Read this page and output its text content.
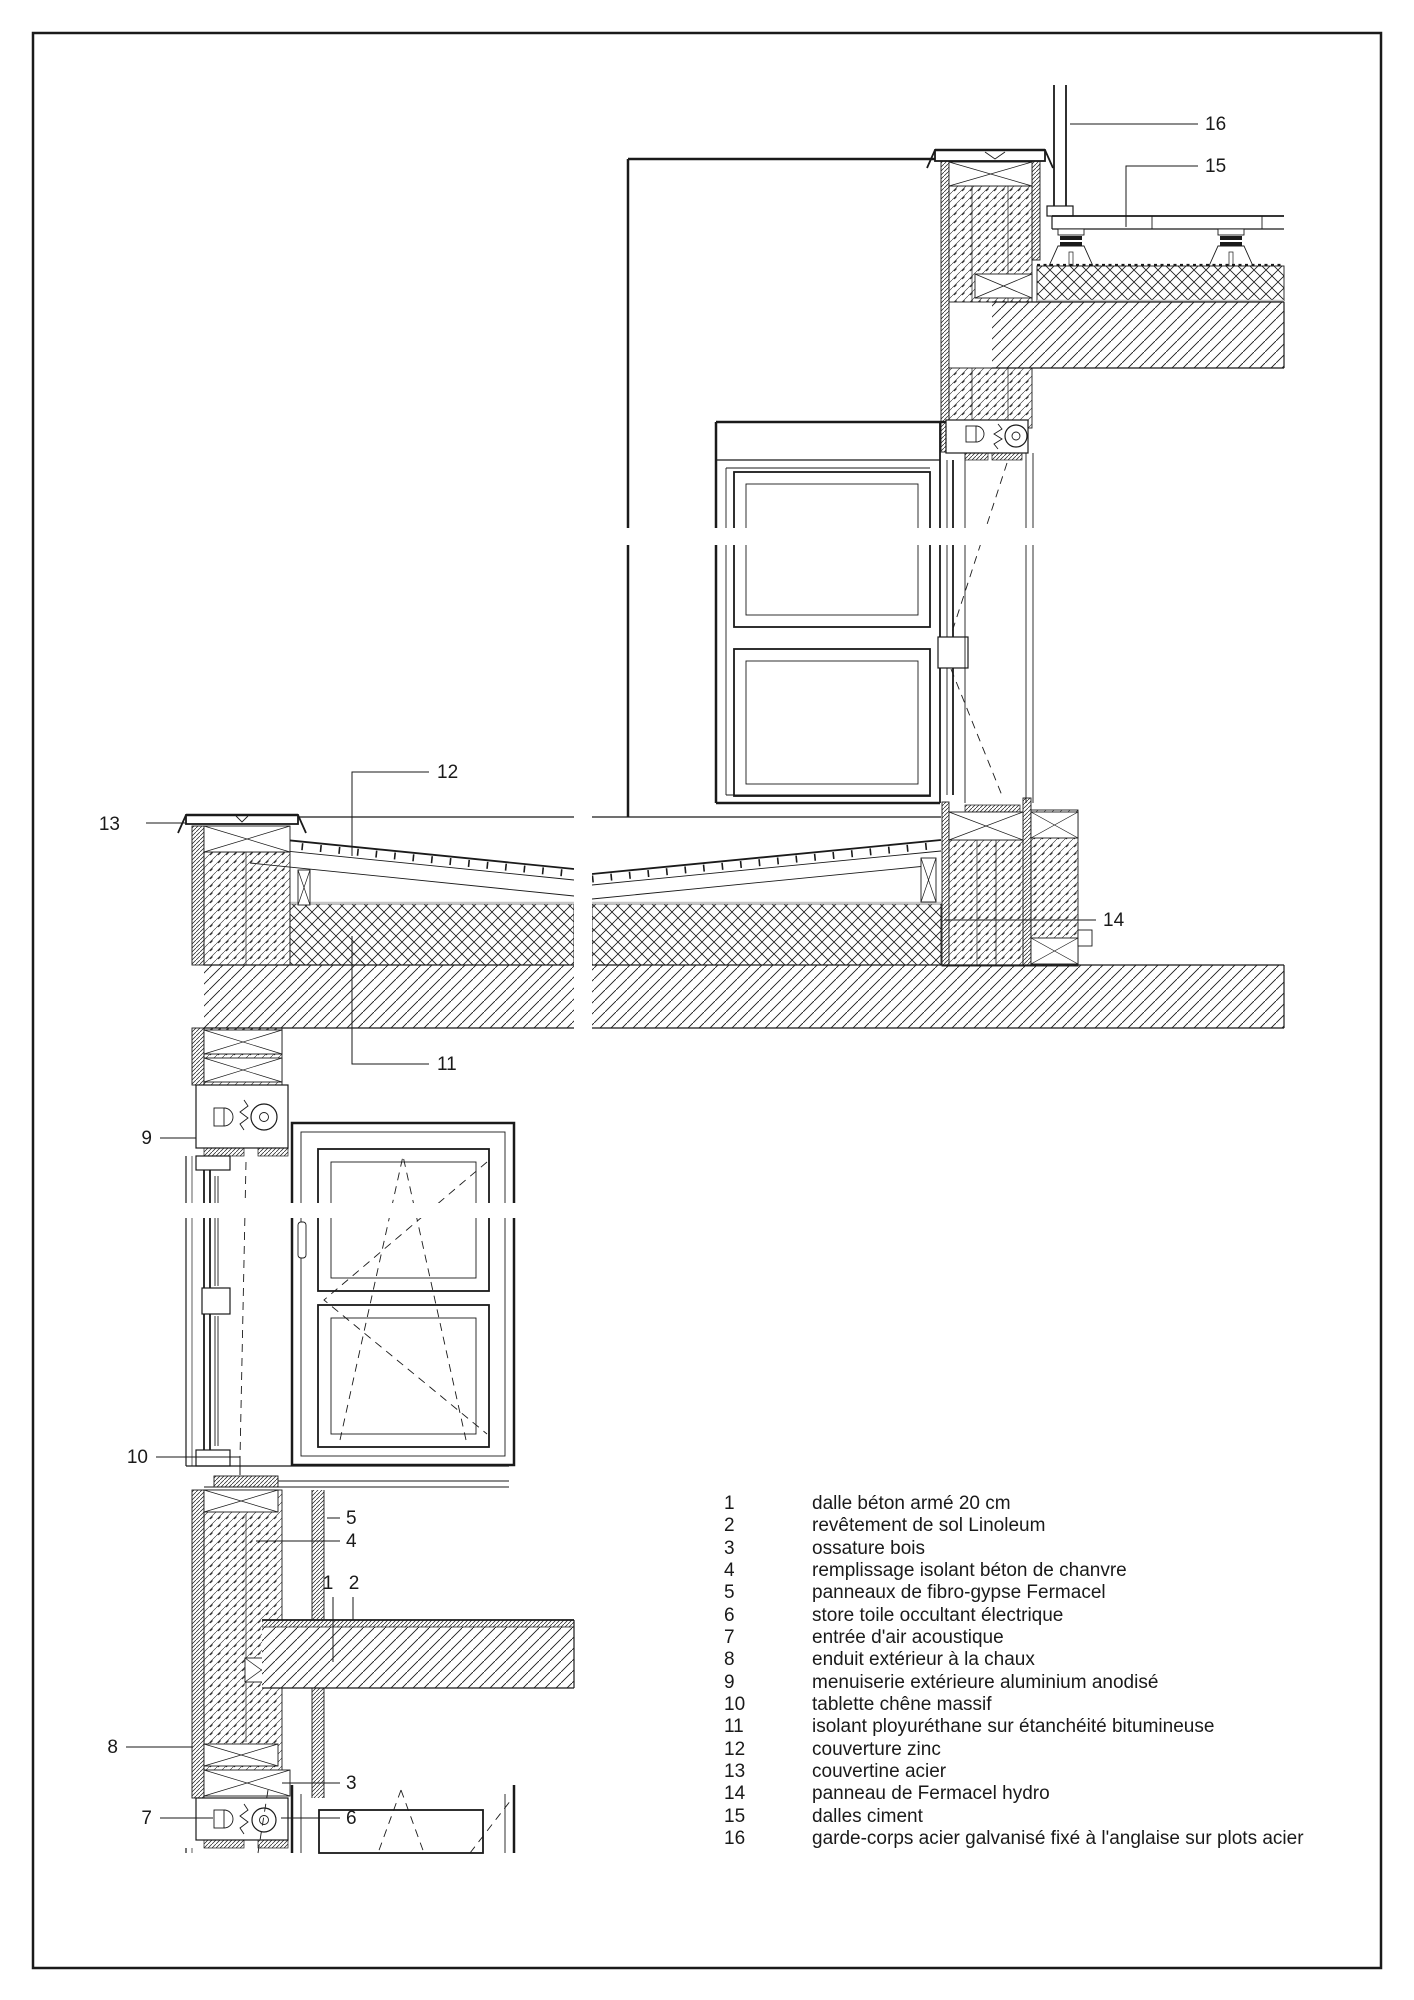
16
15
13
12
11
14
9
10
5
4
1 2
8
3
7	6
1	dalle béton armé 20 cm
2	revêtement de sol Linoleum
3	ossature bois
4	remplissage isolant béton de chanvre
5	panneaux de fibro-gypse Fermacel
6	store toile occultant électrique
7	entrée d'air acoustique
8	enduit extérieur à la chaux
9	menuiserie extérieure aluminium anodisé
10	tablette chêne massif
11	isolant ployuréthane sur étanchéité bitumineuse
12	couverture zinc
13	couvertine acier
14	panneau de Fermacel hydro
15	dalles ciment
16	garde-corps acier galvanisé fixé à l'anglaise sur plots acier
